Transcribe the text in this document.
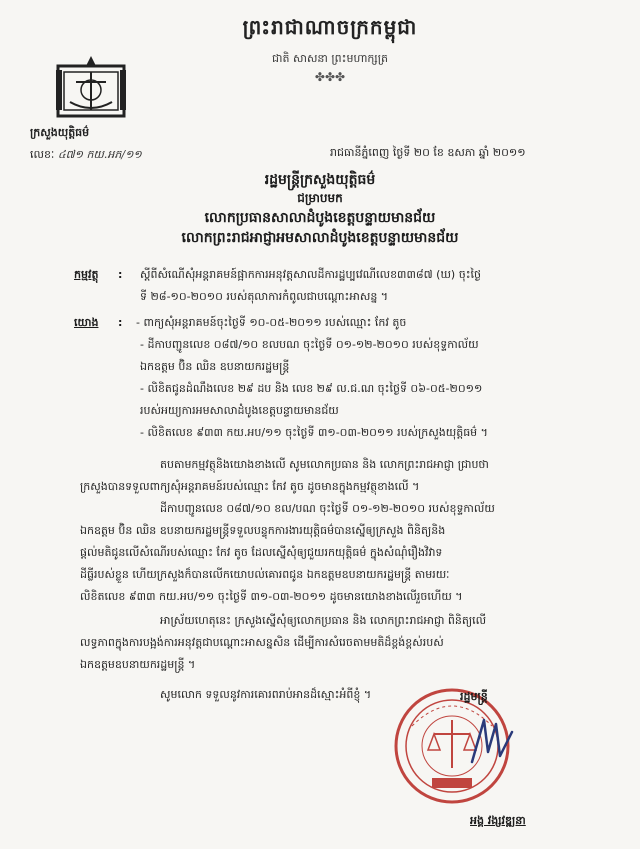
ព្រះរាជាណាចក្រកម្ពុជា
ជាតិ សាសនា ព្រះមហាក្សត្រ
✤✤✤
ក្រសួងយុត្តិធម៌
លេខៈ ៤៧១ កយ.អភ/១១	រាជធានីភ្នំពេញ ថ្ងៃទី ២០ ខែ ឧសភា ឆ្នាំ ២០១១
រដ្ឋមន្ត្រីក្រសួងយុត្តិធម៌
ជម្រាបមក
លោកប្រធានសាលាដំបូងខេត្តបន្ទាយមានជ័យ
លោកព្រះរាជអាជ្ញាអមសាលាដំបូងខេត្តបន្ទាយមានជ័យ
កម្មវត្ថុ : ស្តីពីសំណើសុំអន្តរាគមន៍ផ្អាកការអនុវត្តសាលដីការដ្ឋប្បវេណីលេខ៣៣៨៧ (ឃ) ចុះថ្ងៃ
ទី ២៨-១០-២០១០ របស់តុលាការកំពូលជាបណ្តោះអាសន្ន ។
យោង : - ពាក្យសុំអន្តរាគមន៍ចុះថ្ងៃទី ១០-០៥-២០១១ របស់ឈ្មោះ កែវ តូច
- ដីកាបញ្ជូនលេខ ០៨៧/១០ ខលបណ ចុះថ្ងៃទី ០១-១២-២០១០ របស់ខុទ្ទកាល័យ
ឯកឧត្តម ប៊ិន ឈិន ឧបនាយករដ្ឋមន្ត្រី
- លិខិតជូនដំណឹងលេខ ២៩ ដប និង លេខ ២៩ ល.ជ.ណ ចុះថ្ងៃទី ០៦-០៥-២០១១
របស់អយ្យការអមសាលាដំបូងខេត្តបន្ទាយមានជ័យ
- លិខិតលេខ ៩៣៣ កយ.អប/១១ ចុះថ្ងៃទី ៣១-០៣-២០១១ របស់ក្រសួងយុត្តិធម៌ ។
តបតាមកម្មវត្ថុនិងយោងខាងលើ សូមលោកប្រធាន និង លោកព្រះរាជអាជ្ញា ជ្រាបថា
ក្រសួងបានទទួលពាក្យសុំអន្តរាគមន៍របស់ឈ្មោះ កែវ តូច ដូចមានក្នុងកម្មវត្ថុខាងលើ ។
ដីកាបញ្ជូនលេខ ០៨៧/១០ ខល/បណ ចុះថ្ងៃទី ០១-១២-២០១០ របស់ខុទ្ទកាល័យ
ឯកឧត្តម ប៊ិន ឈិន ឧបនាយករដ្ឋមន្ត្រីទទួលបន្ទុកការងារយុត្តិធម៌បានស្នើឲ្យក្រសួង ពិនិត្យនិង
ផ្តល់មតិជូនលើសំណើរបស់ឈ្មោះ កែវ តូច ដែលស្នើសុំឲ្យជួយរកយុត្តិធម៌ ក្នុងសំណុំរឿងវិវាទ
ដីធ្លីរបស់ខ្លួន ហើយក្រសួងក៏បានលើកយោបល់គោរពជូន ឯកឧត្តមឧបនាយករដ្ឋមន្ត្រី តាមរយៈ
លិខិតលេខ ៩៣៣ កយ.អប/១១ ចុះថ្ងៃទី ៣១-០៣-២០១១ ដូចមានយោងខាងលើរួចហើយ ។
អាស្រ័យហេតុនេះ ក្រសួងស្នើសុំឲ្យលោកប្រធាន និង លោកព្រះរាជអាជ្ញា ពិនិត្យលើ
លទ្ធភាពក្នុងការបង្អង់ការអនុវត្តជាបណ្តោះអាសន្នសិន ដើម្បីការសំរេចតាមមតិដ៏ខ្ពង់ខ្ពស់របស់
ឯកឧត្តមឧបនាយករដ្ឋមន្ត្រី ។
សូមលោក ទទួលនូវការគោរពរាប់អានដ៏ស្មោះអំពីខ្ញុំ ។	រដ្ឋមន្ត្រី
អង្គ វង្សវឌ្ឍនា
